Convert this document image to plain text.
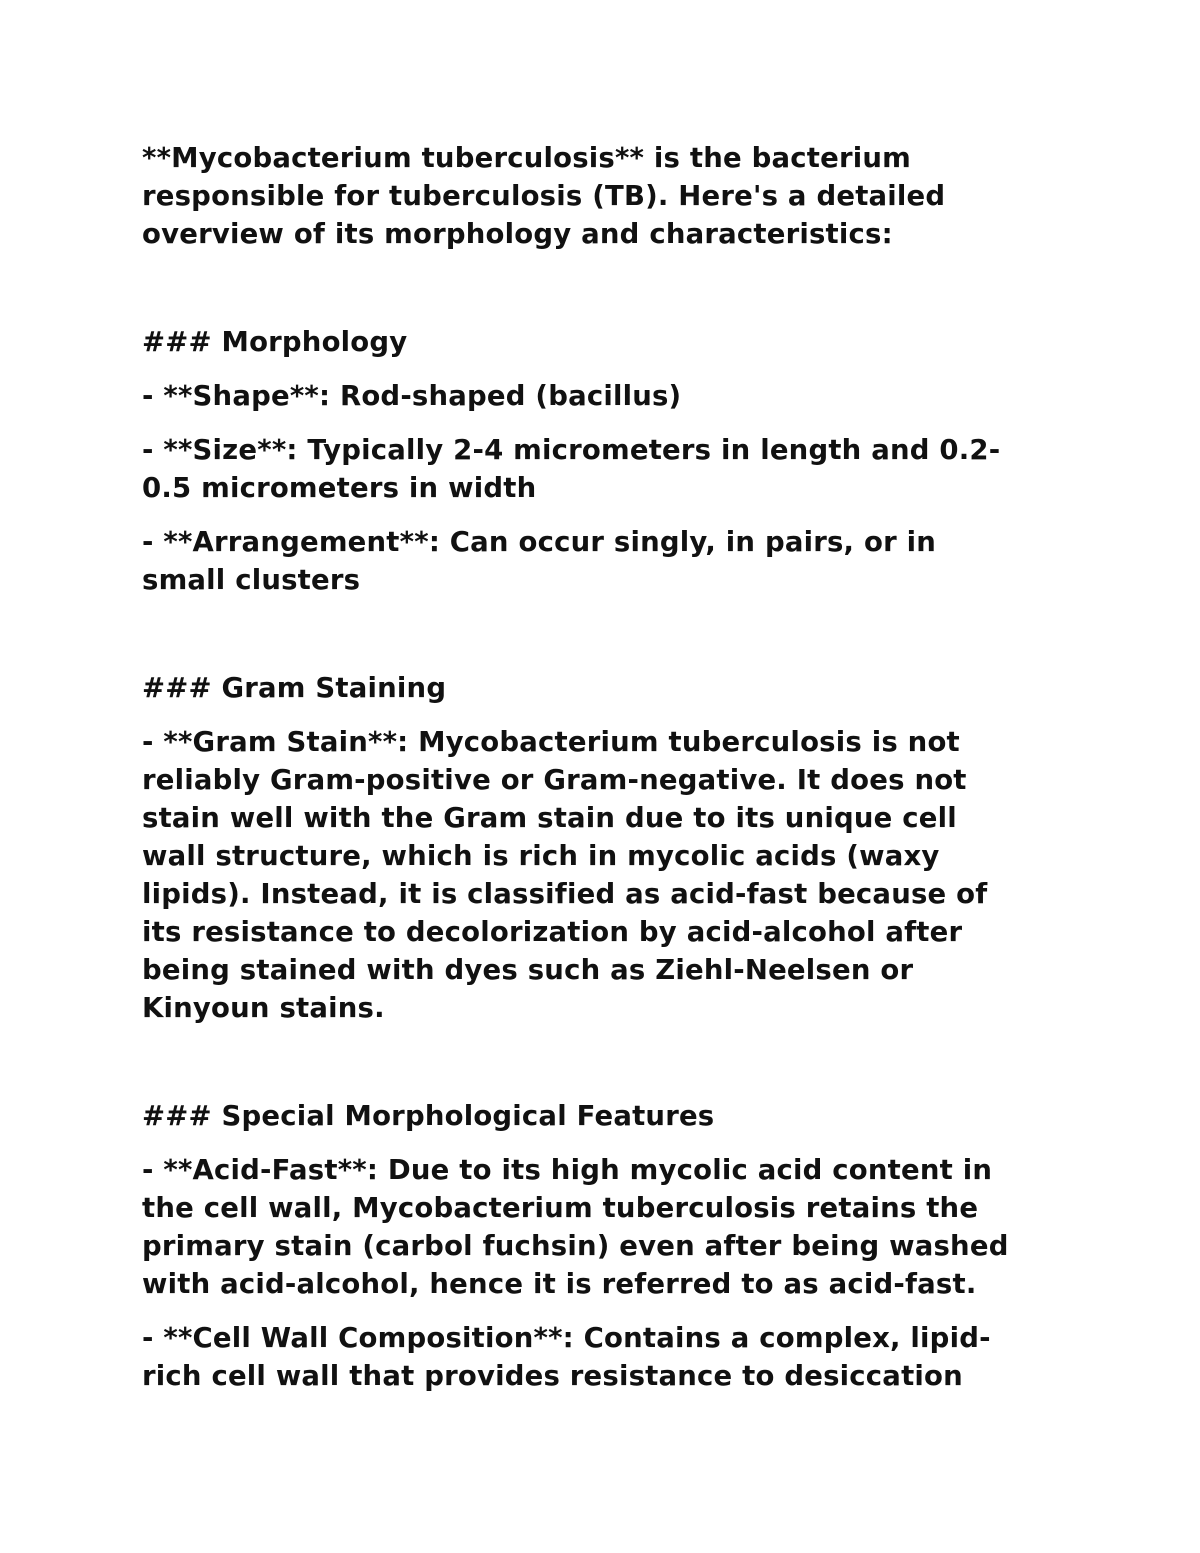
**Mycobacterium tuberculosis** is the bacterium
responsible for tuberculosis (TB). Here's a detailed
overview of its morphology and characteristics:

### Morphology

- **Shape**: Rod-shaped (bacillus)

- **Size**: Typically 2-4 micrometers in length and 0.2-
0.5 micrometers in width

- **Arrangement**: Can occur singly, in pairs, or in
small clusters

### Gram Staining

- **Gram Stain**: Mycobacterium tuberculosis is not
reliably Gram-positive or Gram-negative. It does not
stain well with the Gram stain due to its unique cell
wall structure, which is rich in mycolic acids (waxy
lipids). Instead, it is classified as acid-fast because of
its resistance to decolorization by acid-alcohol after
being stained with dyes such as Ziehl-Neelsen or
Kinyoun stains.

### Special Morphological Features

- **Acid-Fast**: Due to its high mycolic acid content in
the cell wall, Mycobacterium tuberculosis retains the
primary stain (carbol fuchsin) even after being washed
with acid-alcohol, hence it is referred to as acid-fast.

- **Cell Wall Composition**: Contains a complex, lipid-
rich cell wall that provides resistance to desiccation
